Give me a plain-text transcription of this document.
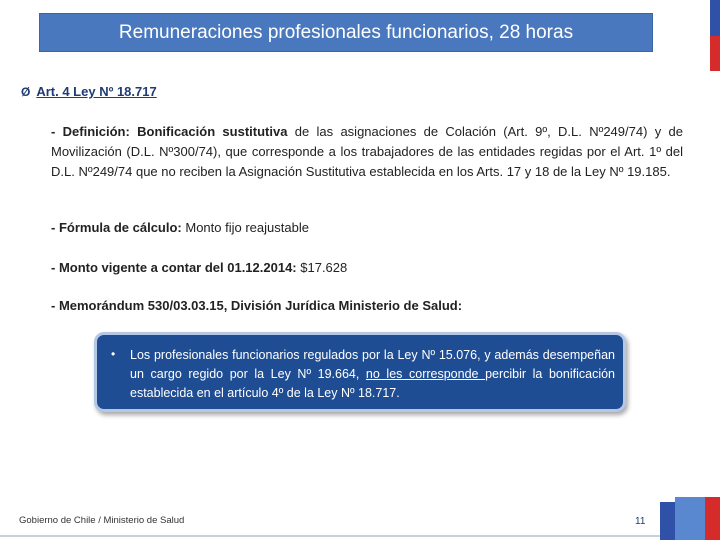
Remuneraciones profesionales funcionarios, 28 horas
Ø Art. 4 Ley Nº 18.717
- Definición: Bonificación sustitutiva de las asignaciones de Colación (Art. 9º, D.L. Nº249/74) y de Movilización (D.L. Nº300/74), que corresponde a los trabajadores de las entidades regidas por el Art. 1º del D.L. Nº249/74 que no reciben la Asignación Sustitutiva establecida en los Arts. 17 y 18 de la Ley Nº 19.185.
- Fórmula de cálculo: Monto fijo reajustable
- Monto vigente a contar del 01.12.2014: $17.628
- Memorándum 530/03.03.15, División Jurídica Ministerio de Salud:
• Los profesionales funcionarios regulados por la Ley Nº 15.076, y además desempeñan un cargo regido por la Ley Nº 19.664, no les corresponde percibir la bonificación establecida en el artículo 4º de la Ley Nº 18.717.
Gobierno de Chile / Ministerio de Salud	11
